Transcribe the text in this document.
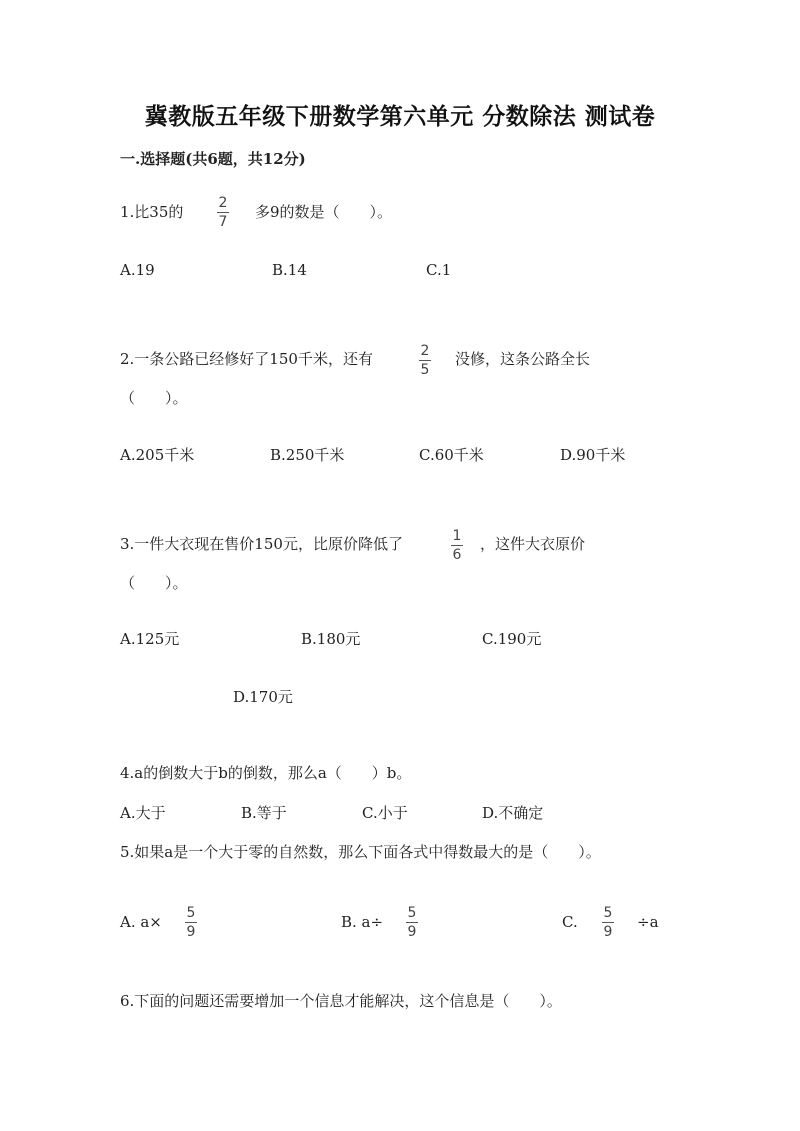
冀教版五年级下册数学第六单元 分数除法 测试卷
一.选择题(共6题，共12分)
1.比35的	2
7
多9的数是（　　）。
A.19	B.14	C.1
2.一条公路已经修好了150千米，还有	2
5
没修，这条公路全长
（　　）。
A.205千米	B.250千米	C.60千米	D.90千米
3.一件大衣现在售价150元，比原价降低了	1
6
，这件大衣原价
（　　）。
A.125元	B.180元	C.190元
D.170元
4.a的倒数大于b的倒数，那么a（　　）b。
A.大于	B.等于	C.小于	D.不确定
5.如果a是一个大于零的自然数，那么下面各式中得数最大的是（　　）。
A. a× 5
9
B. a÷ 5
9
C. 5
9
÷a
6.下面的问题还需要增加一个信息才能解决，这个信息是（　　）。
